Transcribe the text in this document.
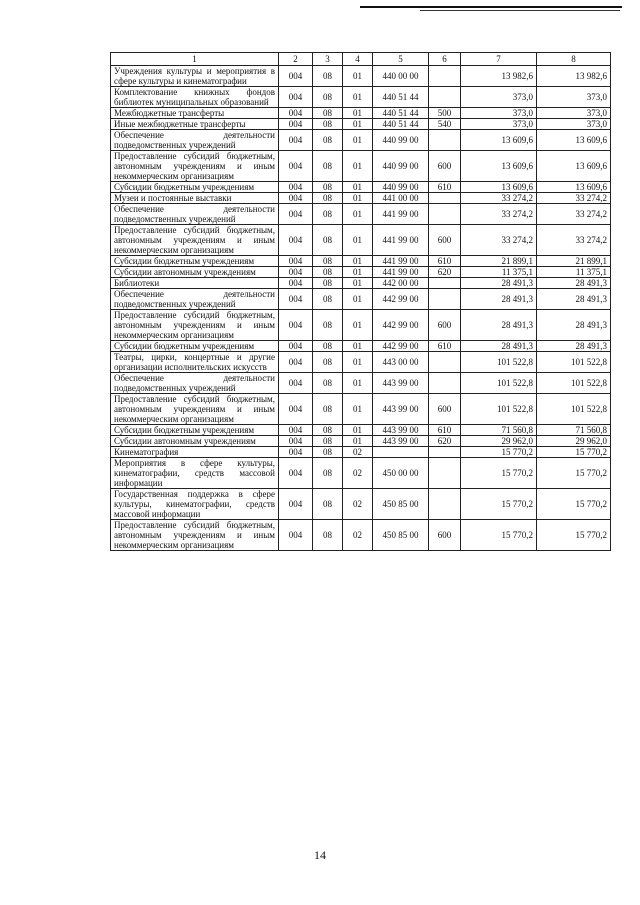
1	2	3	4	5	6	7	8
Учреждения культуры и мероприятия в сфере культуры и кинематографии	004	08	01	440 00 00		13 982,6	13 982,6
Комплектование книжных фондов библиотек муниципальных образований	004	08	01	440 51 44		373,0	373,0
Межбюджетные трансферты	004	08	01	440 51 44	500	373,0	373,0
Иные межбюджетные трансферты	004	08	01	440 51 44	540	373,0	373,0
Обеспечение деятельности подведомственных учреждений	004	08	01	440 99 00		13 609,6	13 609,6
Предоставление субсидий бюджетным, автономным учреждениям и иным некоммерческим организациям	004	08	01	440 99 00	600	13 609,6	13 609,6
Субсидии бюджетным учреждениям	004	08	01	440 99 00	610	13 609,6	13 609,6
Музеи и постоянные выставки	004	08	01	441 00 00		33 274,2	33 274,2
Обеспечение деятельности подведомственных учреждений	004	08	01	441 99 00		33 274,2	33 274,2
Предоставление субсидий бюджетным, автономным учреждениям и иным некоммерческим организациям	004	08	01	441 99 00	600	33 274,2	33 274,2
Субсидии бюджетным учреждениям	004	08	01	441 99 00	610	21 899,1	21 899,1
Субсидии автономным учреждениям	004	08	01	441 99 00	620	11 375,1	11 375,1
Библиотеки	004	08	01	442 00 00		28 491,3	28 491,3
Обеспечение деятельности подведомственных учреждений	004	08	01	442 99 00		28 491,3	28 491,3
Предоставление субсидий бюджетным, автономным учреждениям и иным некоммерческим организациям	004	08	01	442 99 00	600	28 491,3	28 491,3
Субсидии бюджетным учреждениям	004	08	01	442 99 00	610	28 491,3	28 491,3
Театры, цирки, концертные и другие организации исполнительских искусств	004	08	01	443 00 00		101 522,8	101 522,8
Обеспечение деятельности подведомственных учреждений	004	08	01	443 99 00		101 522,8	101 522,8
Предоставление субсидий бюджетным, автономным учреждениям и иным некоммерческим организациям	004	08	01	443 99 00	600	101 522,8	101 522,8
Субсидии бюджетным учреждениям	004	08	01	443 99 00	610	71 560,8	71 560,8
Субсидии автономным учреждениям	004	08	01	443 99 00	620	29 962,0	29 962,0
Кинематография	004	08	02			15 770,2	15 770,2
Мероприятия в сфере культуры, кинематографии, средств массовой информации	004	08	02	450 00 00		15 770,2	15 770,2
Государственная поддержка в сфере культуры, кинематографии, средств массовой информации	004	08	02	450 85 00		15 770,2	15 770,2
Предоставление субсидий бюджетным, автономным учреждениям и иным некоммерческим организациям	004	08	02	450 85 00	600	15 770,2	15 770,2
14
